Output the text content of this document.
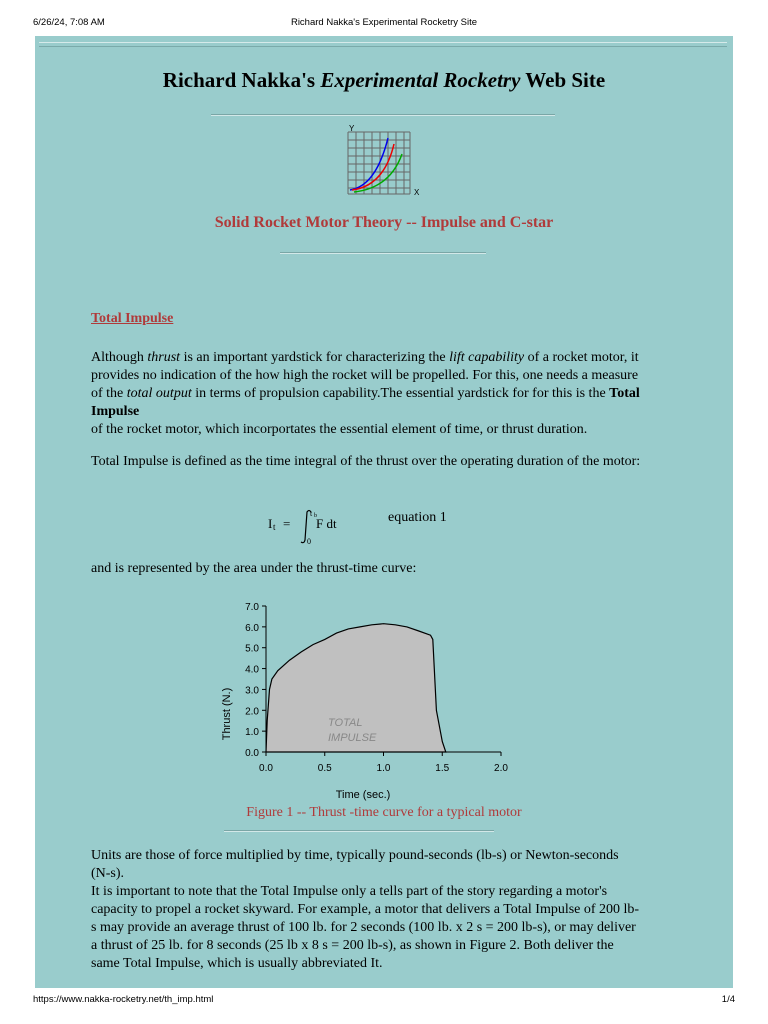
6/26/24, 7:08 AM	Richard Nakka's Experimental Rocketry Site
Richard Nakka's Experimental Rocketry Web Site
Y
X
Solid Rocket Motor Theory -- Impulse and C-star
Total Impulse
Although thrust is an important yardstick for characterizing the lift capability of a rocket motor, it provides no indication of the how high the rocket will be propelled. For this, one needs a measure of the total output in terms of propulsion capability.The essential yardstick for for this is the Total Impulse
of the rocket motor, which incorportates the essential element of time, or thrust duration.
Total Impulse is defined as the time integral of the thrust over the operating duration of the motor:
I t =
t b
0
F dt	equation 1
and is represented by the area under the thrust-time curve:
0.0
1.0
2.0
3.0
4.0
5.0
6.0
7.0
0.0	0.5	1.0	1.5	2.0
TOTAL
IMPULSE
Thrust (N.)
Time (sec.)
Figure 1 -- Thrust -time curve for a typical motor
Units are those of force multiplied by time, typically pound-seconds (lb-s) or Newton-seconds (N-s).
It is important to note that the Total Impulse only a tells part of the story regarding a motor's capacity to propel a rocket skyward. For example, a motor that delivers a Total Impulse of 200 lb-s may provide an average thrust of 100 lb. for 2 seconds (100 lb. x 2 s = 200 lb-s), or may deliver a thrust of 25 lb. for 8 seconds (25 lb x 8 s = 200 lb-s), as shown in Figure 2. Both deliver the same Total Impulse, which is usually abbreviated It.
https://www.nakka-rocketry.net/th_imp.html	1/4
